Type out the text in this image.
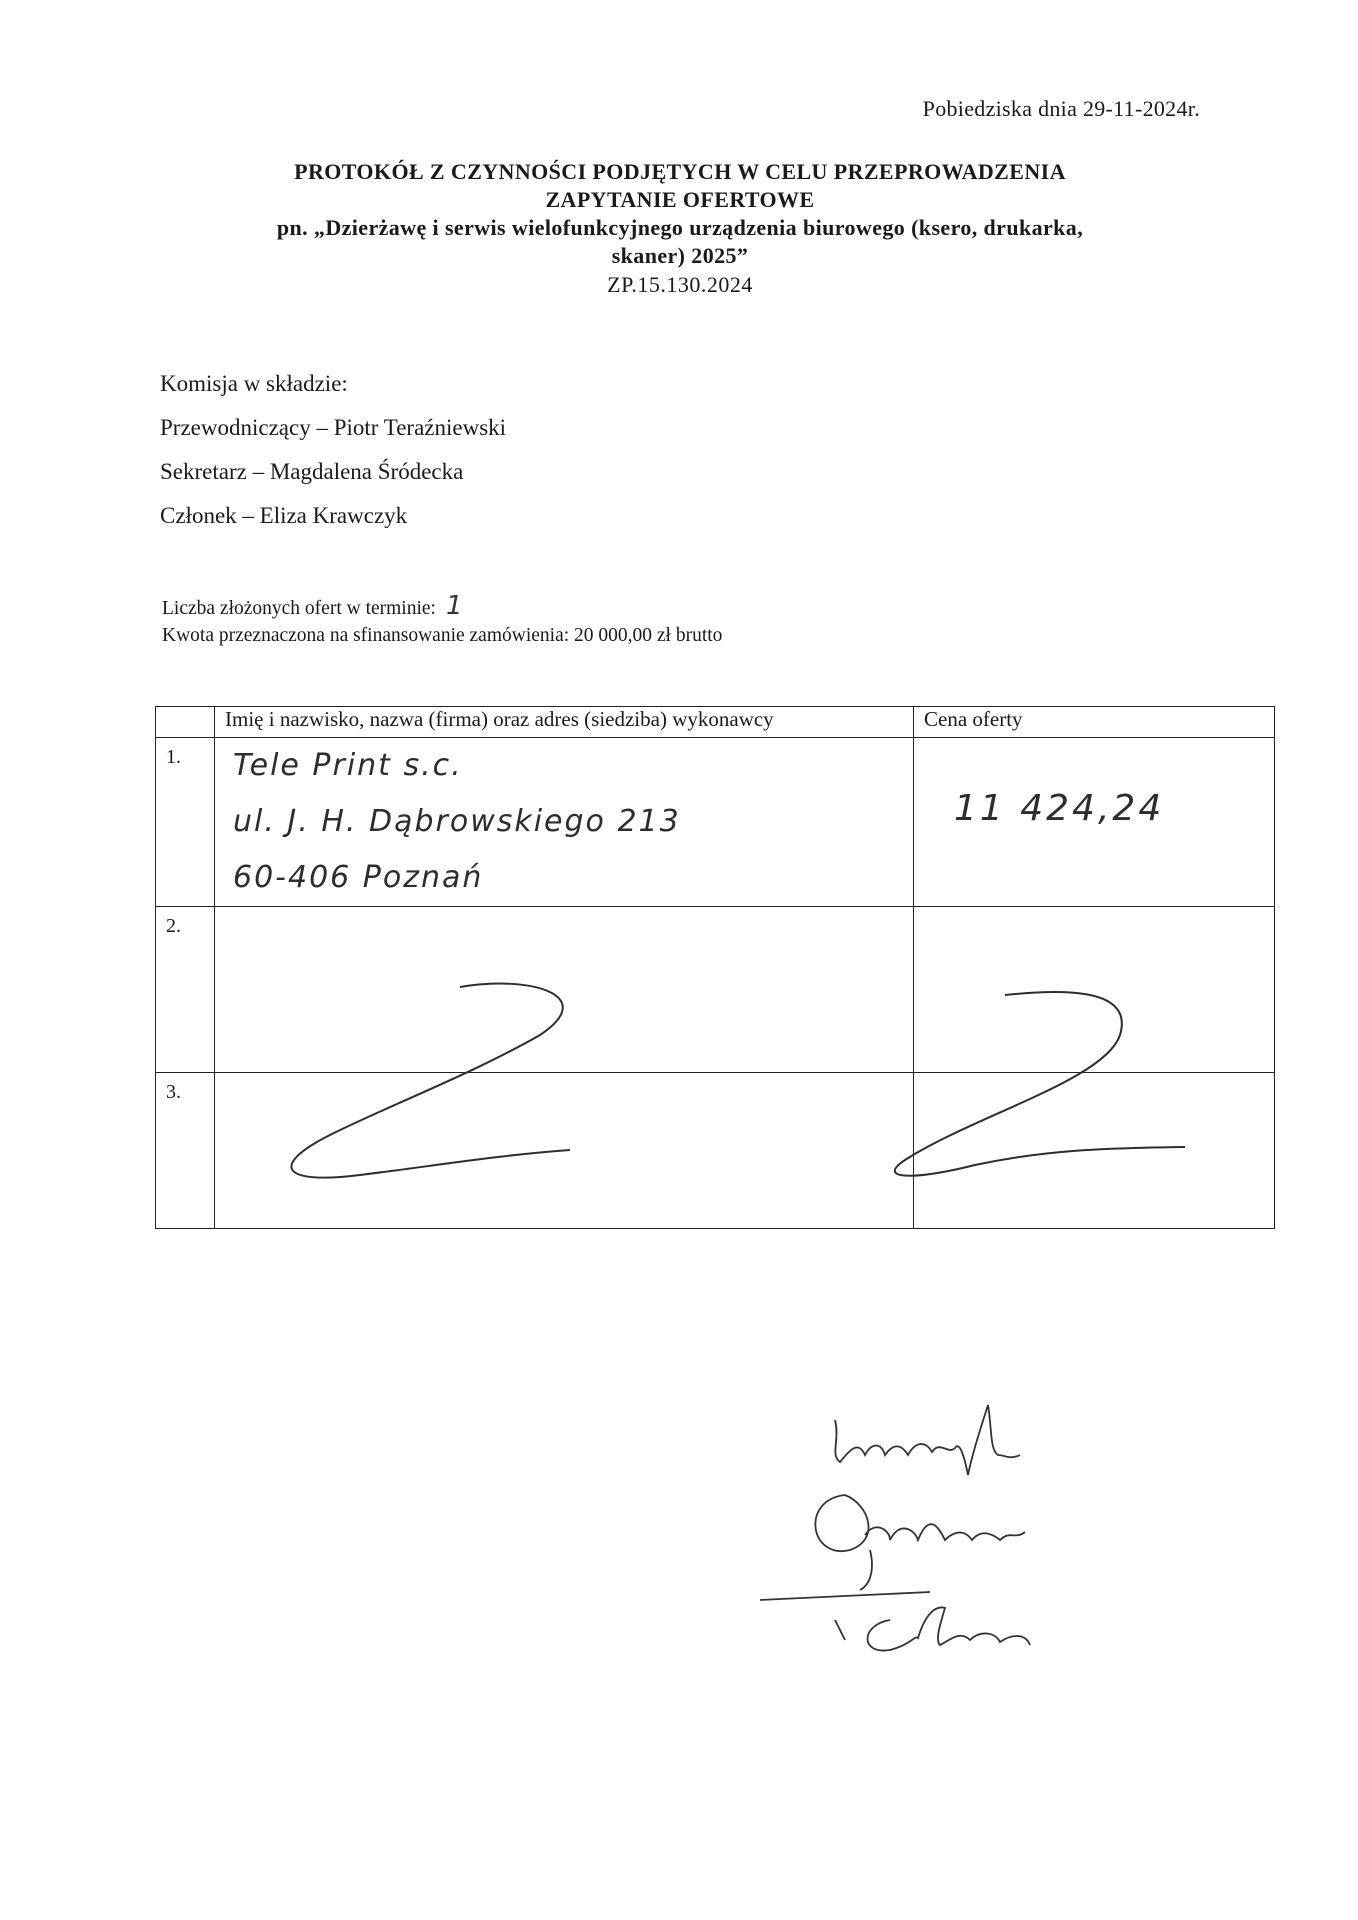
Pobiedziska dnia 29-11-2024r.
PROTOKÓŁ Z CZYNNOŚCI PODJĘTYCH W CELU PRZEPROWADZENIA
ZAPYTANIE OFERTOWE
pn. „Dzierżawę i serwis wielofunkcyjnego urządzenia biurowego (ksero, drukarka,
skaner) 2025”
ZP.15.130.2024
Komisja w składzie:
Przewodniczący – Piotr Teraźniewski
Sekretarz – Magdalena Śródecka
Członek – Eliza Krawczyk
Liczba złożonych ofert w terminie: 1
Kwota przeznaczona na sfinansowanie zamówienia: 20 000,00 zł brutto
	Imię i nazwisko, nazwa (firma) oraz adres (siedziba) wykonawcy	Cena oferty

1.	Tele Print s.c.
ul. J. H. Dąbrowskiego 213
60-406 Poznań	11 424,24

2.		

3.		
